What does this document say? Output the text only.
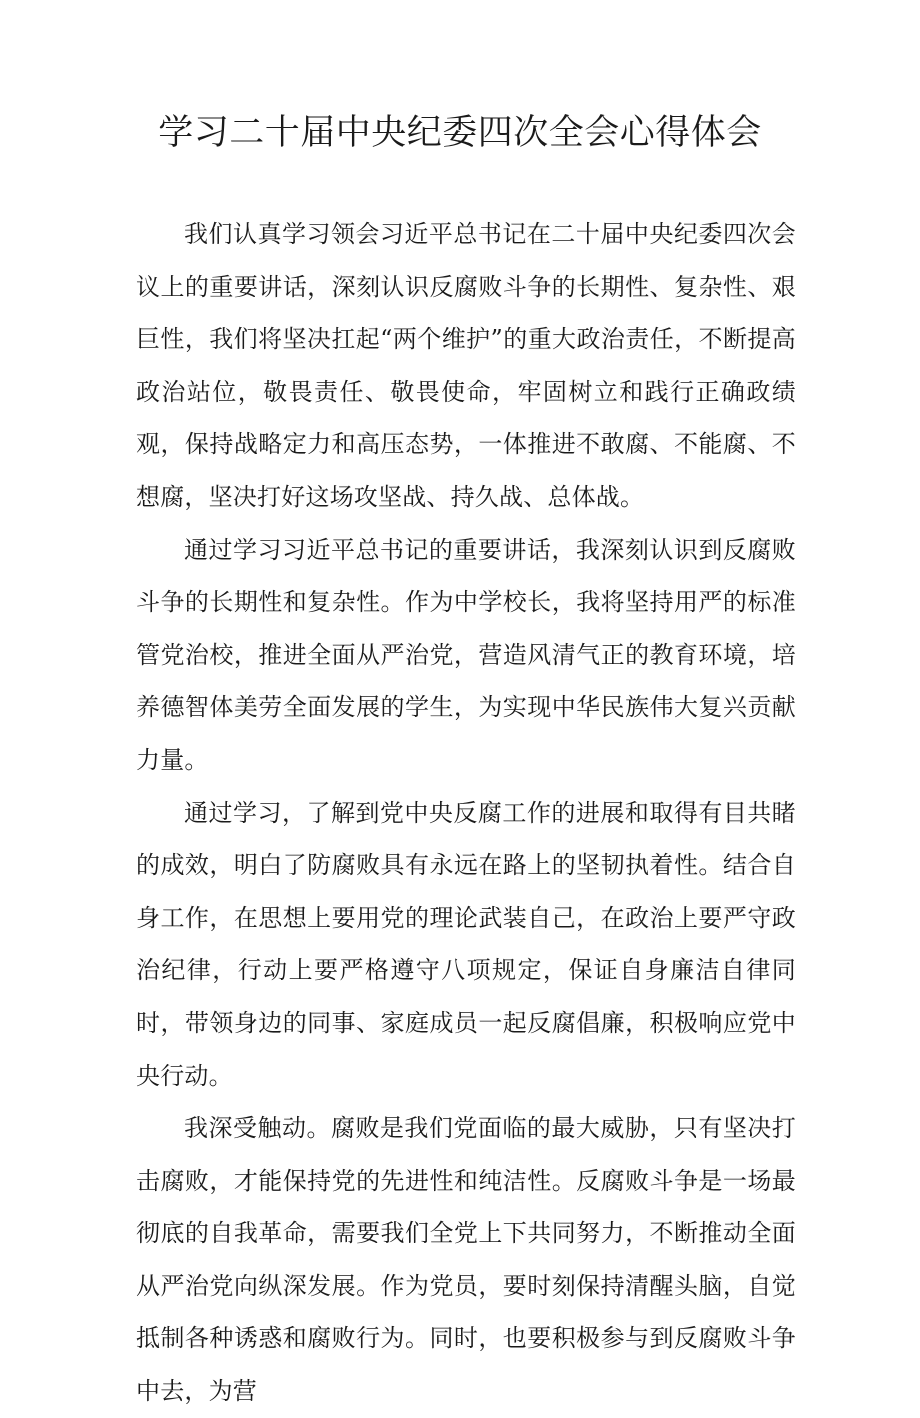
学习二十届中央纪委四次全会心得体会

我们认真学习领会习近平总书记在二十届中央纪委四次会议上的重要讲话，深刻认识反腐败斗争的长期性、复杂性、艰巨性，我们将坚决扛起“两个维护”的重大政治责任，不断提高政治站位，敬畏责任、敬畏使命，牢固树立和践行正确政绩观，保持战略定力和高压态势，一体推进不敢腐、不能腐、不想腐，坚决打好这场攻坚战、持久战、总体战。

通过学习习近平总书记的重要讲话，我深刻认识到反腐败斗争的长期性和复杂性。作为中学校长，我将坚持用严的标准管党治校，推进全面从严治党，营造风清气正的教育环境，培养德智体美劳全面发展的学生，为实现中华民族伟大复兴贡献力量。

通过学习，了解到党中央反腐工作的进展和取得有目共睹的成效，明白了防腐败具有永远在路上的坚韧执着性。结合自身工作，在思想上要用党的理论武装自己，在政治上要严守政治纪律，行动上要严格遵守八项规定，保证自身廉洁自律同时，带领身边的同事、家庭成员一起反腐倡廉，积极响应党中央行动。

我深受触动。腐败是我们党面临的最大威胁，只有坚决打击腐败，才能保持党的先进性和纯洁性。反腐败斗争是一场最彻底的自我革命，需要我们全党上下共同努力，不断推动全面从严治党向纵深发展。作为党员，要时刻保持清醒头脑，自觉抵制各种诱惑和腐败行为。同时，也要积极参与到反腐败斗争中去，为营
